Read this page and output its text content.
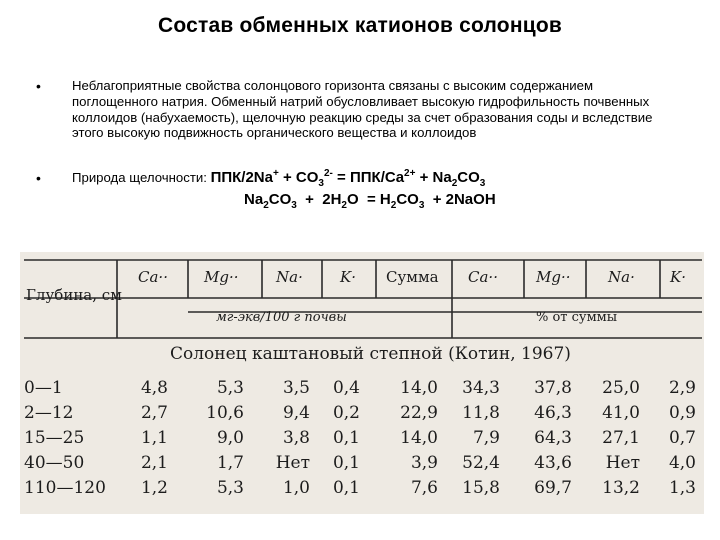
Состав обменных катионов солонцов
• Неблагоприятные свойства солонцового горизонта связаны с высоким содержанием поглощенного натрия. Обменный натрий обусловливает высокую гидрофильность почвенных коллоидов (набухаемость), щелочную реакцию среды за счет образования соды и вследствие этого высокую подвижность органического вещества и коллоидов
• Природа щелочности: $ППК/2Na^+ + CO_3^{2-} = ППК/Ca^{2+} + Na_2CO_3$
$Na_2CO_3 + 2H_2O = H_2CO_3$  + 2NaOH
Глубина, см
Ca·· Mg··	Na· K· Сумма Ca··	Mg··	Na· K·
мг-экв/100 г почвы	% от суммы
Солонец каштановый степной (Котин, 1967)
0—1	4,8	5,3	3,5	0,4	14,0	34,3	37,8	25,0	2,9
2—12	2,7	10,6	9,4	0,2	22,9	11,8	46,3	41,0	0,9
15—25	1,1	9,0	3,8	0,1	14,0	7,9	64,3	27,1	0,7
40—50	2,1	1,7	Нет	0,1	3,9	52,4	43,6	Нет	4,0
110—120	1,2	5,3	1,0	0,1	7,6	15,8	69,7	13,2	1,3
